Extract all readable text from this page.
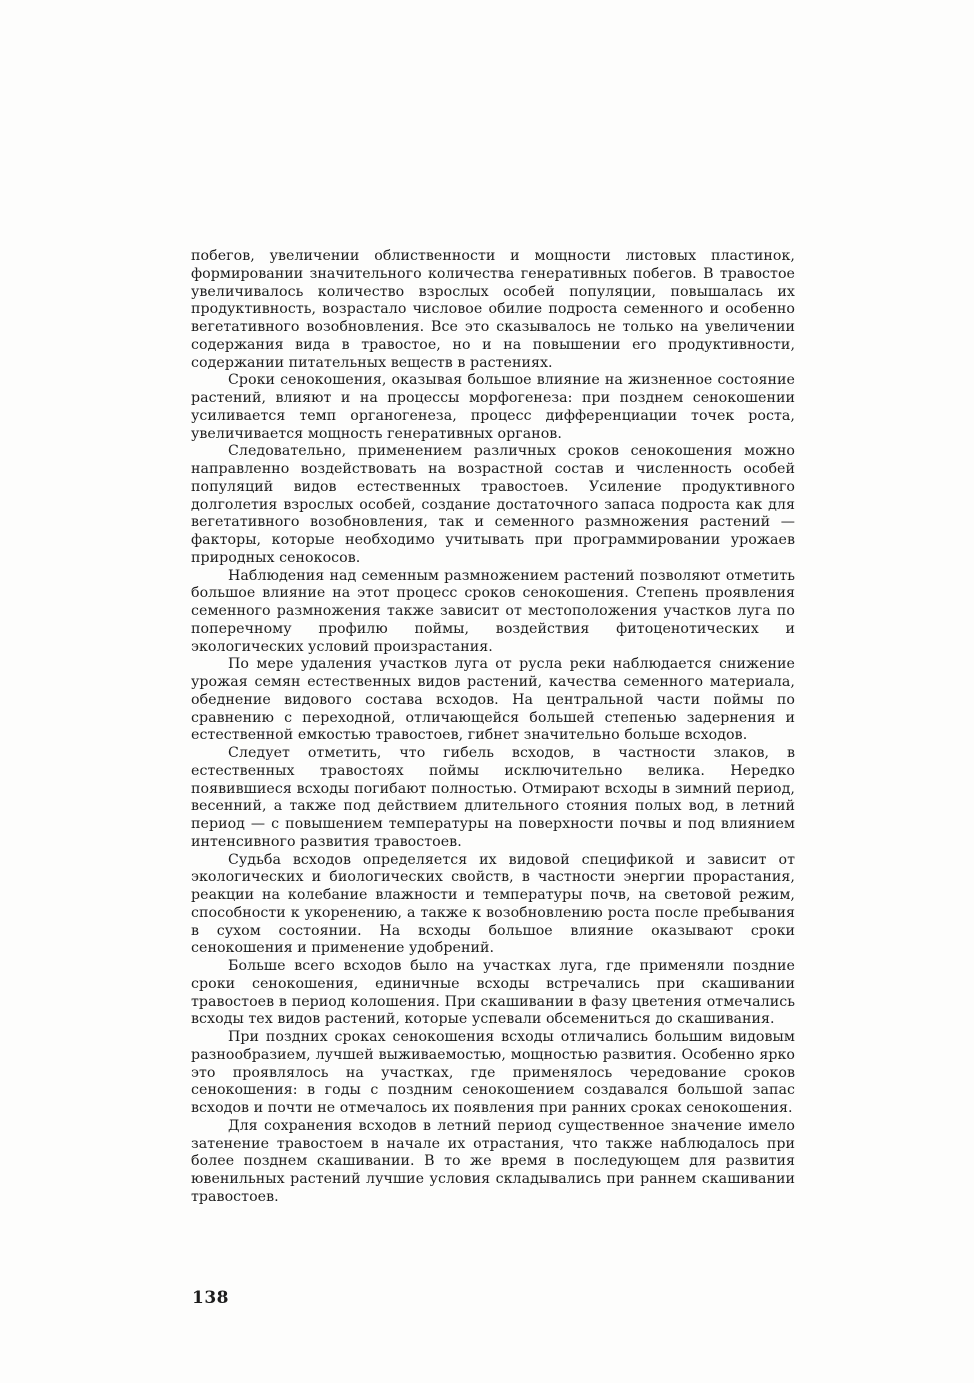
побегов, увеличении облиственности и мощности листовых пластинок, формировании значительного количества генеративных побегов. В травостое увеличивалось количество взрослых особей популяции, повышалась их продуктивность, возрастало числовое обилие подроста семенного и особенно вегетативного возобновления. Все это сказывалось не только на увеличении содержания вида в травостое, но и на повышении его продуктивности, содержании питательных веществ в растениях.

Сроки сенокошения, оказывая большое влияние на жизненное состояние растений, влияют и на процессы морфогенеза: при позднем сенокошении усиливается темп органогенеза, процесс дифференциации точек роста, увеличивается мощность генеративных органов.

Следовательно, применением различных сроков сенокошения можно направленно воздействовать на возрастной состав и численность особей популяций видов естественных травостоев. Усиление продуктивного долголетия взрослых особей, создание достаточного запаса подроста как для вегетативного возобновления, так и семенного размножения растений — факторы, которые необходимо учитывать при программировании урожаев природных сенокосов.

Наблюдения над семенным размножением растений позволяют отметить большое влияние на этот процесс сроков сенокошения. Степень проявления семенного размножения также зависит от местоположения участков луга по поперечному профилю поймы, воздействия фитоценотических и экологических условий произрастания.

По мере удаления участков луга от русла реки наблюдается снижение урожая семян естественных видов растений, качества семенного материала, обеднение видового состава всходов. На центральной части поймы по сравнению с переходной, отличающейся большей степенью задернения и естественной емкостью травостоев, гибнет значительно больше всходов.

Следует отметить, что гибель всходов, в частности злаков, в естественных травостоях поймы исключительно велика. Нередко появившиеся всходы погибают полностью. Отмирают всходы в зимний период, весенний, а также под действием длительного стояния полых вод, в летний период — с повышением температуры на поверхности почвы и под влиянием интенсивного развития травостоев.

Судьба всходов определяется их видовой спецификой и зависит от экологических и биологических свойств, в частности энергии прорастания, реакции на колебание влажности и температуры почв, на световой режим, способности к укоренению, а также к возобновлению роста после пребывания в сухом состоянии. На всходы большое влияние оказывают сроки сенокошения и применение удобрений.

Больше всего всходов было на участках луга, где применяли поздние сроки сенокошения, единичные всходы встречались при скашивании травостоев в период колошения. При скашивании в фазу цветения отмечались всходы тех видов растений, которые успевали обсемениться до скашивания.

При поздних сроках сенокошения всходы отличались большим видовым разнообразием, лучшей выживаемостью, мощностью развития. Особенно ярко это проявлялось на участках, где применялось чередование сроков сенокошения: в годы с поздним сенокошением создавался большой запас всходов и почти не отмечалось их появления при ранних сроках сенокошения.

Для сохранения всходов в летний период существенное значение имело затенение травостоем в начале их отрастания, что также наблюдалось при более позднем скашивании. В то же время в последующем для развития ювенильных растений лучшие условия складывались при раннем скашивании травостоев.

138
